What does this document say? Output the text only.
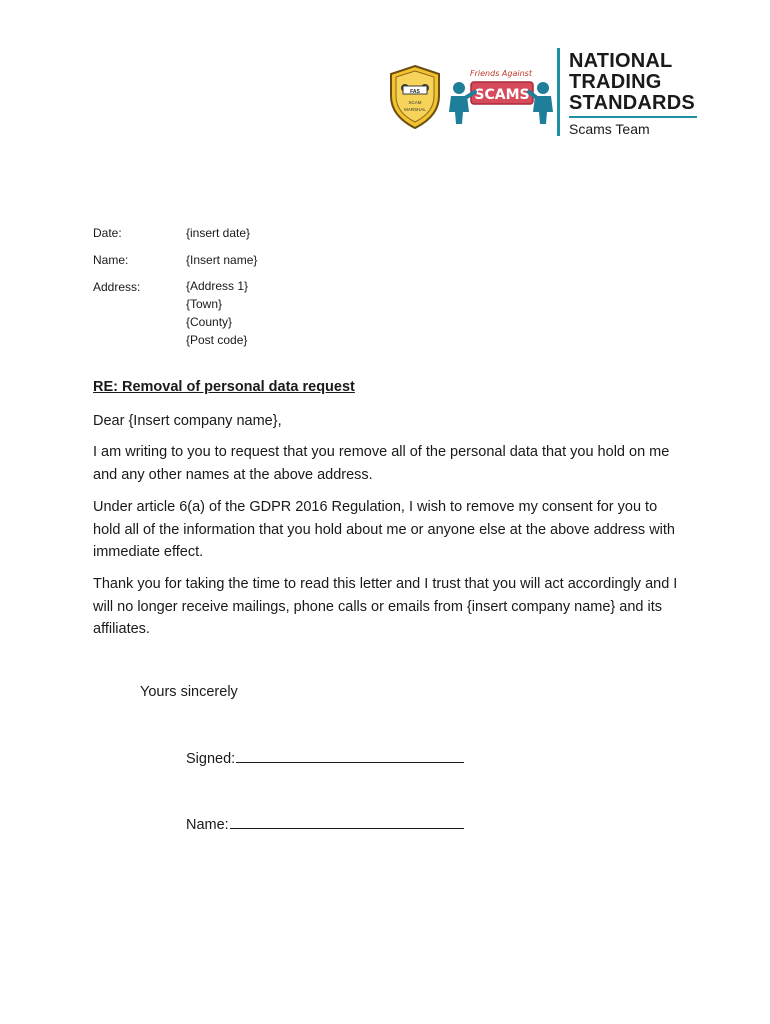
FAS
SCAM
MARSHAL
Friends Against
SCAMS
NATIONAL
TRADING
STANDARDS
Scams Team
Date:	{insert date}
Name:	{Insert name}
Address:	{Address 1}
{Town}
{County}
{Post code}
RE: Removal of personal data request

Dear {Insert company name},

I am writing to you to request that you remove all of the personal data that you hold on me and any other names at the above address.

Under article 6(a) of the GDPR 2016 Regulation, I wish to remove my consent for you to hold all of the information that you hold about me or anyone else at the above address with immediate effect.

Thank you for taking the time to read this letter and I trust that you will act accordingly and I will no longer receive mailings, phone calls or emails from {insert company name} and its affiliates.

Yours sincerely
Signed:
Name:
